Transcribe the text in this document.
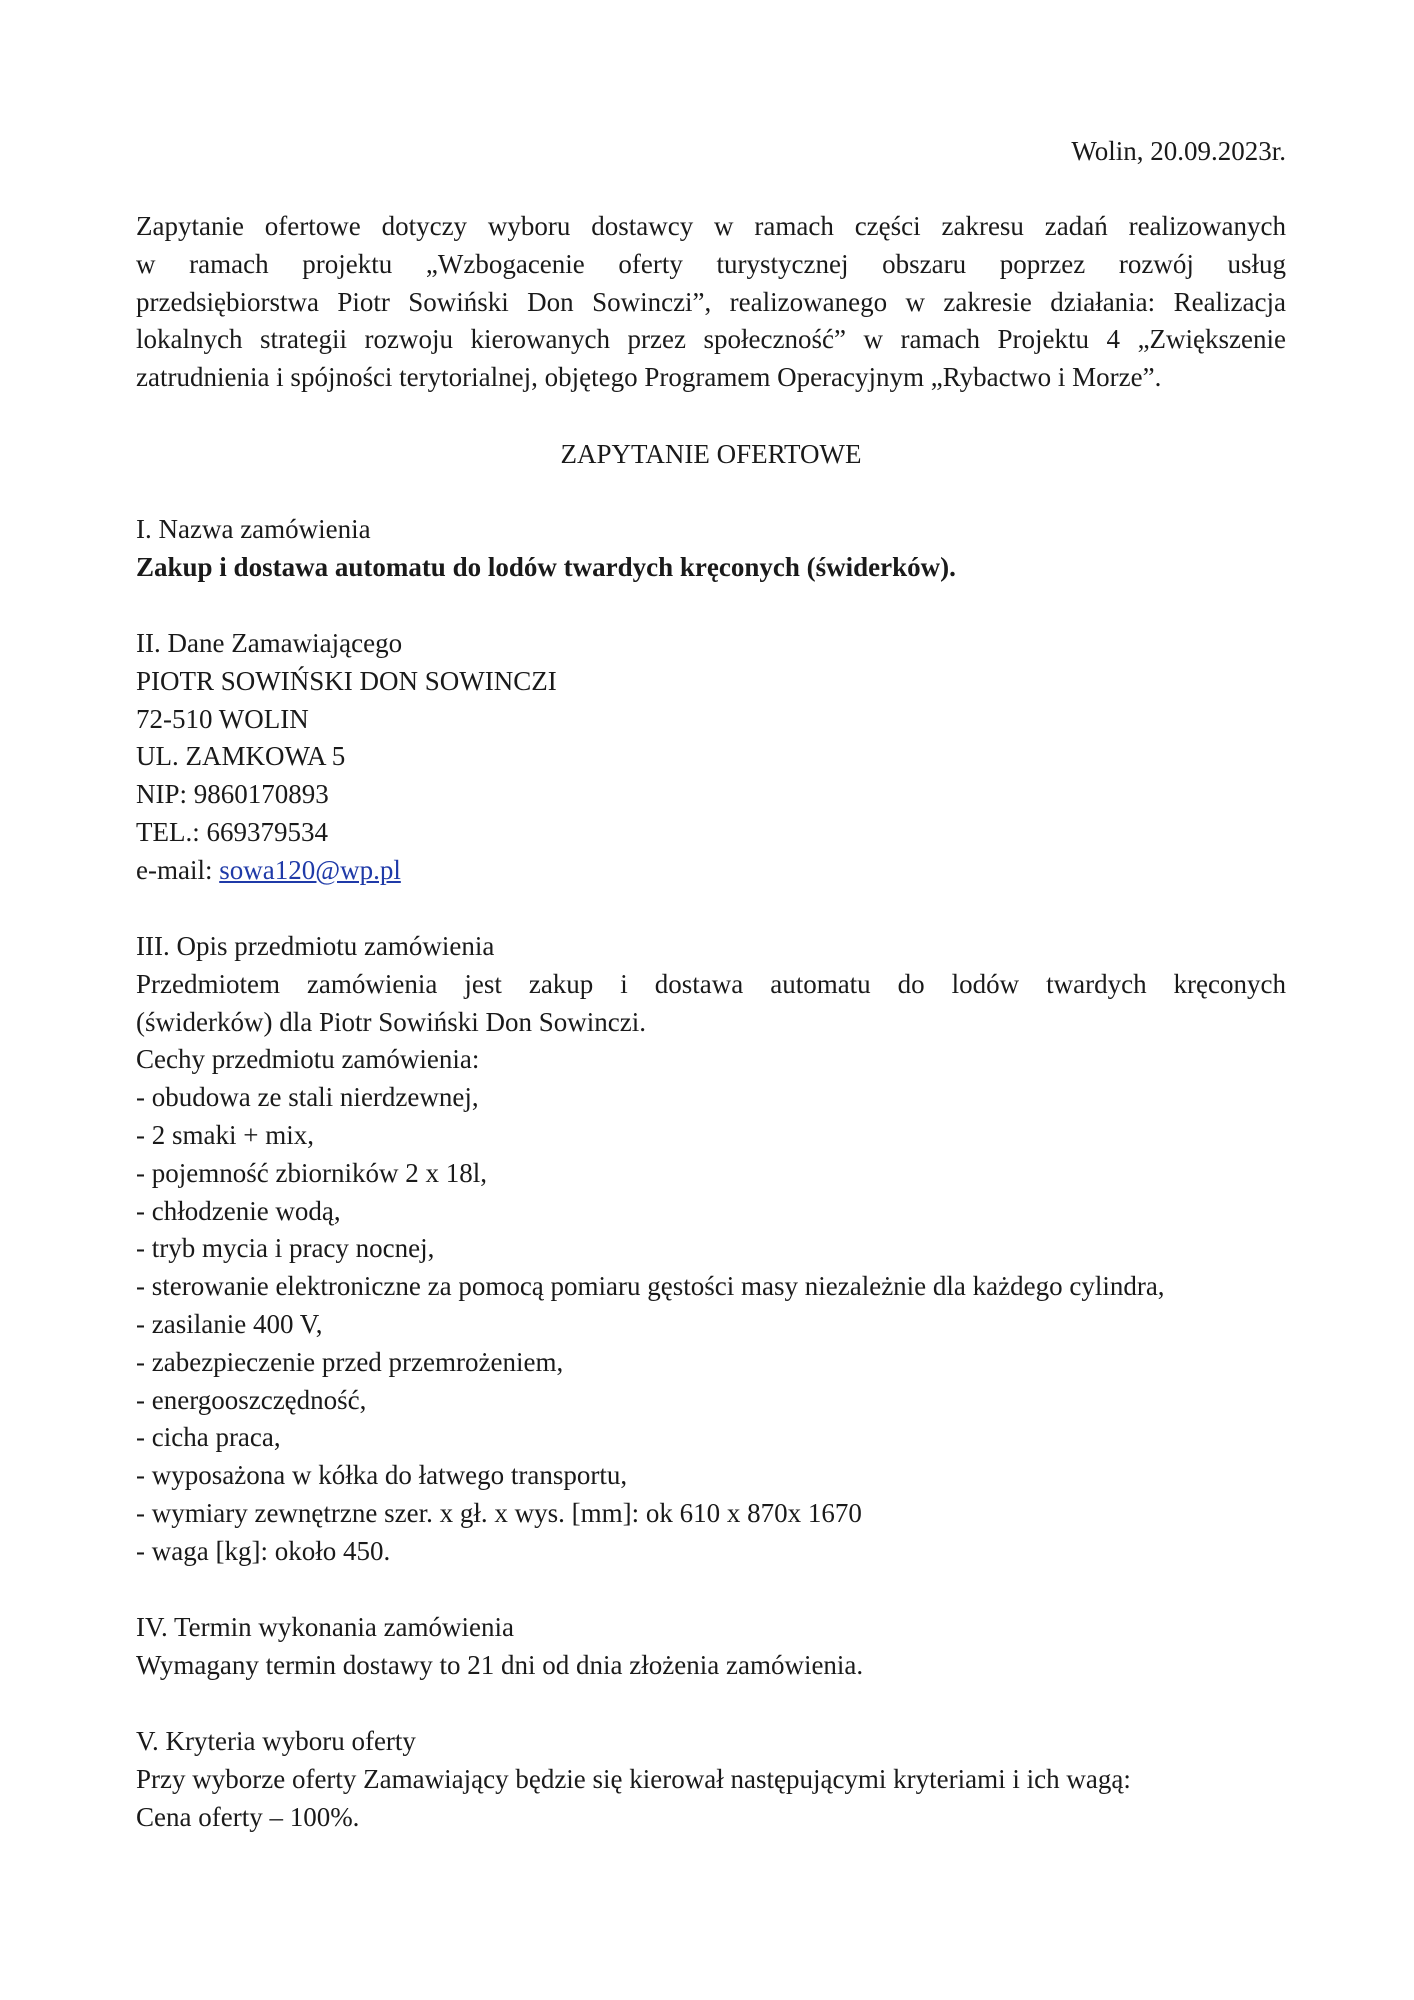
Wolin, 20.09.2023r.
Zapytanie ofertowe dotyczy wyboru dostawcy w ramach części zakresu zadań realizowanych
w ramach projektu „Wzbogacenie oferty turystycznej obszaru poprzez rozwój usług
przedsiębiorstwa Piotr Sowiński Don Sowinczi”, realizowanego w zakresie działania: Realizacja
lokalnych strategii rozwoju kierowanych przez społeczność” w ramach Projektu 4 „Zwiększenie
zatrudnienia i spójności terytorialnej, objętego Programem Operacyjnym „Rybactwo i Morze”.
ZAPYTANIE OFERTOWE
I. Nazwa zamówienia
Zakup i dostawa automatu do lodów twardych kręconych (świderków).
II. Dane Zamawiającego
PIOTR SOWIŃSKI DON SOWINCZI
72-510 WOLIN
UL. ZAMKOWA 5
NIP: 9860170893
TEL.: 669379534
e-mail: sowa120@wp.pl
III. Opis przedmiotu zamówienia
Przedmiotem zamówienia jest zakup i dostawa automatu do lodów twardych kręconych
(świderków) dla Piotr Sowiński Don Sowinczi.
Cechy przedmiotu zamówienia:
- obudowa ze stali nierdzewnej,
- 2 smaki + mix,
- pojemność zbiorników 2 x 18l,
- chłodzenie wodą,
- tryb mycia i pracy nocnej,
- sterowanie elektroniczne za pomocą pomiaru gęstości masy niezależnie dla każdego cylindra,
- zasilanie 400 V,
- zabezpieczenie przed przemrożeniem,
- energooszczędność,
- cicha praca,
- wyposażona w kółka do łatwego transportu,
- wymiary zewnętrzne szer. x gł. x wys. [mm]: ok 610 x 870x 1670
- waga [kg]: około 450.
IV. Termin wykonania zamówienia
Wymagany termin dostawy to 21 dni od dnia złożenia zamówienia.
V. Kryteria wyboru oferty
Przy wyborze oferty Zamawiający będzie się kierował następującymi kryteriami i ich wagą:
Cena oferty – 100%.
